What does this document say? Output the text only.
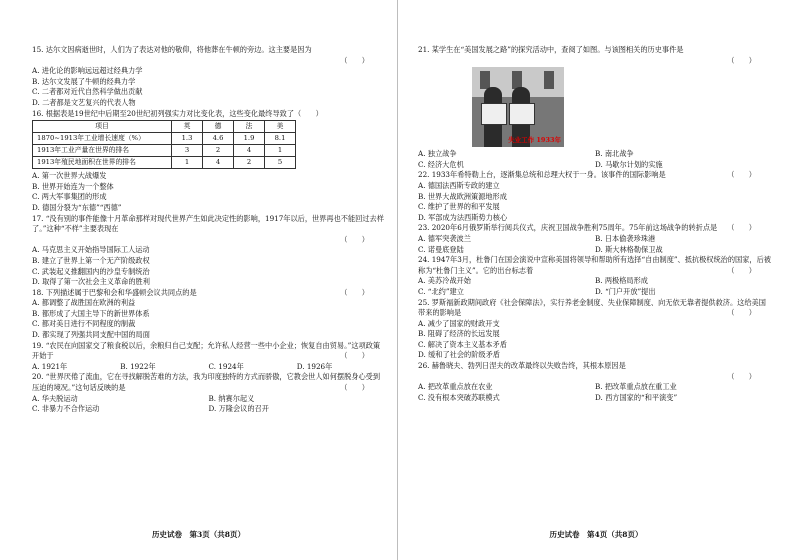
15. 达尔文因病逝世时，人们为了表达对他的敬仰，将他葬在牛顿的旁边。这主要是因为

（　　）
A. 进化论的影响远远超过经典力学
B. 达尔文发展了牛顿的经典力学
C. 二者都对近代自然科学做出贡献
D. 二者都是文艺复兴的代表人物

16. 根据表是19世纪中后期至20世纪初列强实力对比变化表，这些变化最终导致了（　　）

项目	英	德	法	美
1870~1913年工业增长速度（%）	1.3	4.6	1.9	8.1
1913年工业产量在世界的排名	3	2	4	1
1913年殖民地面积在世界的排名	1	4	2	5
A. 第一次世界大战爆发
B. 世界开始连为一个整体
C. 两大军事集团的形成
D. 德国分裂为“东德”“西德”

17. “没有别的事件能像十月革命那样对现代世界产生如此决定性的影响，1917年以后，世界再也不能回过去样了。”这种“不样”主要表现在

（　　）
A. 马克思主义开始指导国际工人运动
B. 建立了世界上第一个无产阶级政权
C. 武装起义推翻国内的沙皇专制统治
D. 取得了第一次社会主义革命的胜利

18. 下列描述属于巴黎和会和华盛顿会议共同点的是	（　　）
A. 都调整了战胜国在欧洲的利益
B. 都形成了大国主导下的新世界体系
C. 都对美日进行不同程度的制裁
D. 都实现了列强共同支配中国的局面

19. “农民在向国家交了粮食税以后，余粮归自己支配；允许私人经营一些中小企业；恢复自由贸易。”这项政策开始于	（　　）
A. 1921年	B. 1922年	C. 1924年	D. 1926年

20. “世界厌倦了流血，它在寻找解脱苦难的方法，我为印度独特的方式而骄傲，它教会世人如何摆脱身心受到压迫的境况。”这句话反映的是	（　　）
A. 华夫脱运动	B. 纳赛尔起义
C. 非暴力不合作运动	D. 万隆会议的召开
历史试卷　第3页（共8页）

21. 某学生在“美国发展之路”的探究活动中，查阅了如图。与该图相关的历史事件是

（　　）
失业工作 1933年
A. 独立战争	B. 南北战争
C. 经济大危机	D. 马歇尔计划的实施

22. 1933年希特勒上台，逐渐集总统和总理大权于一身。该事件的国际影响是	（　　）
A. 德国法西斯专政的建立
B. 世界大战欧洲策源地形成
C. 维护了世界的和平发展
D. 军部成为法西斯势力核心

23. 2020年6月俄罗斯举行阅兵仪式，庆祝卫国战争胜利75周年。75年前这场战争的转折点是	（　　）
A. 德军突袭波兰	B. 日本偷袭珍珠港
C. 诺曼底登陆	D. 斯大林格勒保卫战

24. 1947年3月，杜鲁门在国会演说中宣称美国将领导和帮助所有选择“自由制度”、抵抗极权统治的国家，后被称为“杜鲁门主义”。它的出台标志着	（　　）
A. 美苏冷战开始	B. 两极格局形成
C. “北约”建立	D. “门户开放”提出

25. 罗斯福新政期间政府《社会保障法》，实行养老金制度、失业保障制度、向无依无靠者提供救济。这给美国带来的影响是	（　　）
A. 减少了国家的财政开支
B. 阻碍了经济的长远发展
C. 解决了资本主义基本矛盾
D. 缓和了社会的阶级矛盾

26. 赫鲁晓夫、勃列日涅夫的改革最终以失败告终，其根本原因是

（　　）
A. 把改革重点放在农业	B. 把改革重点放在重工业
C. 没有根本突破苏联模式	D. 西方国家的“和平演变”
历史试卷　第4页（共8页）
